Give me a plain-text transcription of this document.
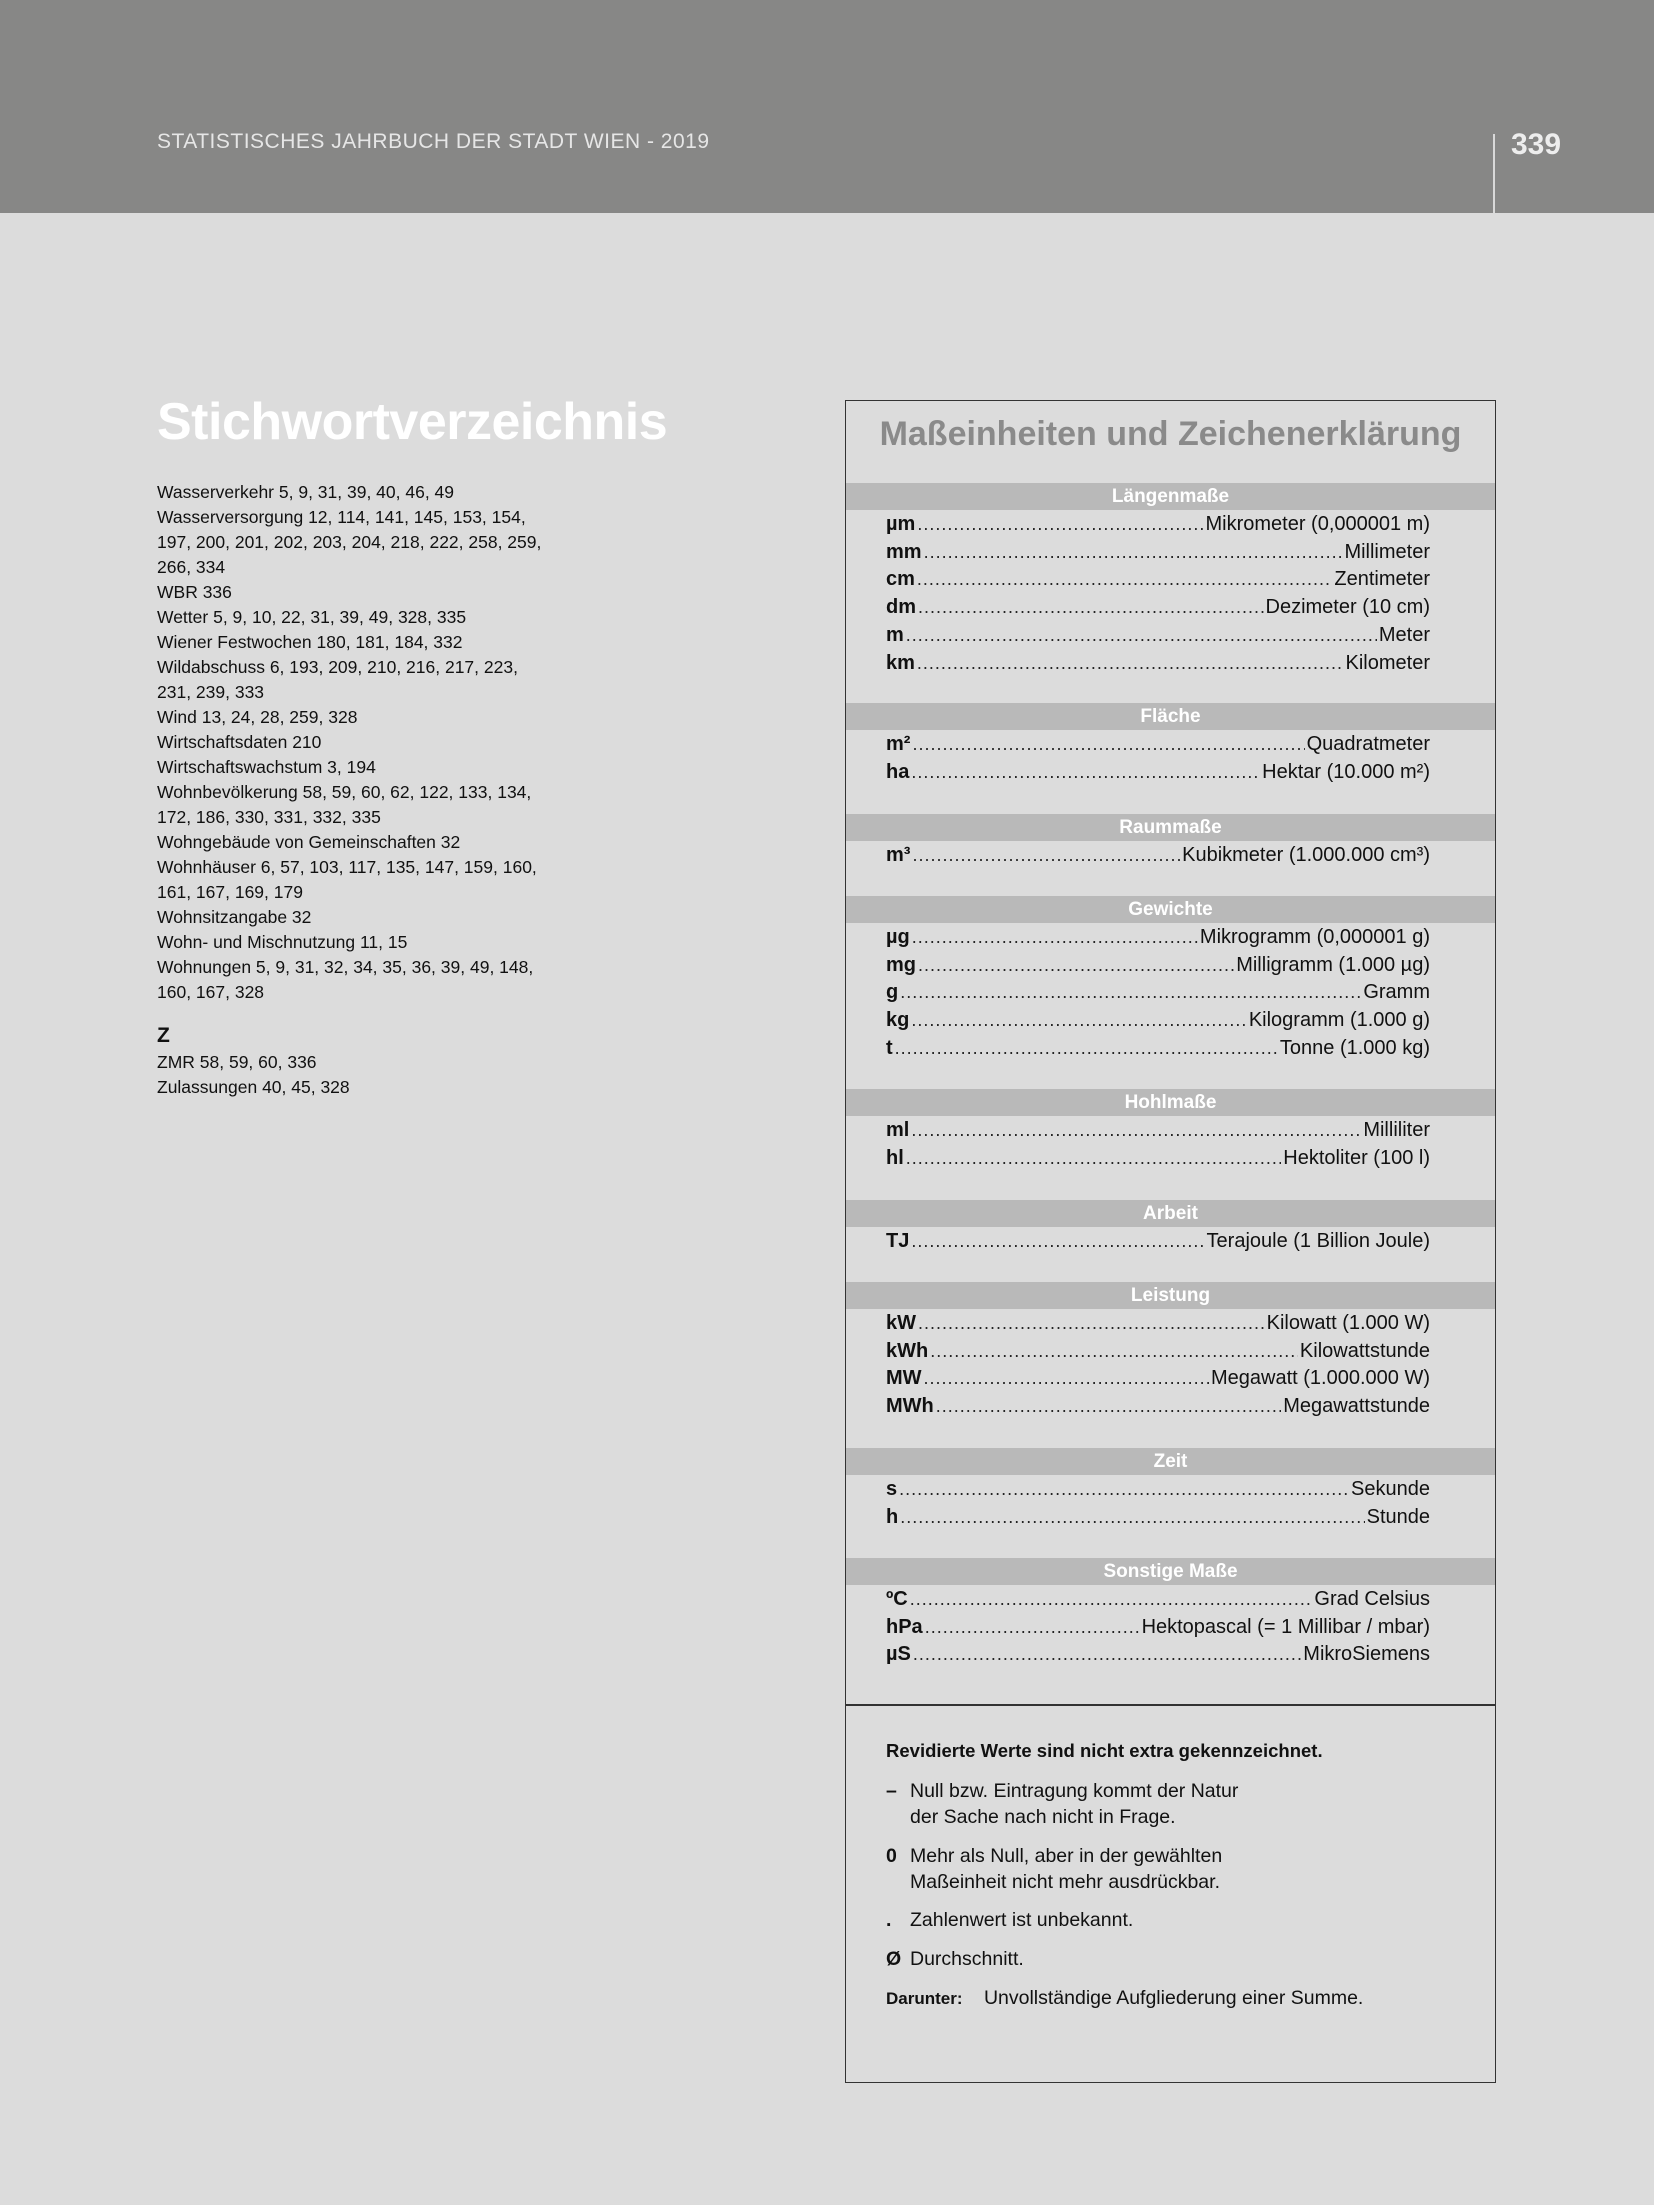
STATISTISCHES JAHRBUCH DER STADT WIEN - 2019	339
Stichwortverzeichnis
Wasserverkehr 5, 9, 31, 39, 40, 46, 49
Wasserversorgung 12, 114, 141, 145, 153, 154,
197, 200, 201, 202, 203, 204, 218, 222, 258, 259,
266, 334
WBR 336
Wetter 5, 9, 10, 22, 31, 39, 49, 328, 335
Wiener Festwochen 180, 181, 184, 332
Wildabschuss 6, 193, 209, 210, 216, 217, 223,
231, 239, 333
Wind 13, 24, 28, 259, 328
Wirtschaftsdaten 210
Wirtschaftswachstum 3, 194
Wohnbevölkerung 58, 59, 60, 62, 122, 133, 134,
172, 186, 330, 331, 332, 335
Wohngebäude von Gemeinschaften 32
Wohnhäuser 6, 57, 103, 117, 135, 147, 159, 160,
161, 167, 169, 179
Wohnsitzangabe 32
Wohn- und Mischnutzung 11, 15
Wohnungen 5, 9, 31, 32, 34, 35, 36, 39, 49, 148,
160, 167, 328
Z
ZMR 58, 59, 60, 336
Zulassungen 40, 45, 328
Maßeinheiten und Zeichenerklärung
Längenmaße
µm .....	Mikrometer (0,000001 m)
mm .....	Millimeter
cm .....	Zentimeter
dm .....	Dezimeter (10 cm)
m .....	Meter
km .....	Kilometer
Fläche
m² .....	Quadratmeter
ha .....	Hektar (10.000 m²)
Raummaße
m³ .....	Kubikmeter (1.000.000 cm³)
Gewichte
µg .....	Mikrogramm (0,000001 g)
mg .....	Milligramm (1.000 µg)
g .....	Gramm
kg .....	Kilogramm (1.000 g)
t .....	Tonne (1.000 kg)
Hohlmaße
ml .....	Milliliter
hl .....	Hektoliter (100 l)
Arbeit
TJ .....	Terajoule (1 Billion Joule)
Leistung
kW .....	Kilowatt (1.000 W)
kWh .....	Kilowattstunde
MW .....	Megawatt (1.000.000 W)
MWh .....	Megawattstunde
Zeit
s .....	Sekunde
h .....	Stunde
Sonstige Maße
ºC .....	Grad Celsius
hPa .....	Hektopascal (= 1 Millibar / mbar)
µS .....	MikroSiemens
Revidierte Werte sind nicht extra gekennzeichnet.
– Null bzw. Eintragung kommt der Natur
der Sache nach nicht in Frage.
0 Mehr als Null, aber in der gewählten
Maßeinheit nicht mehr ausdrückbar.
. Zahlenwert ist unbekannt.
Ø Durchschnitt.
Darunter: Unvollständige Aufgliederung einer Summe.
